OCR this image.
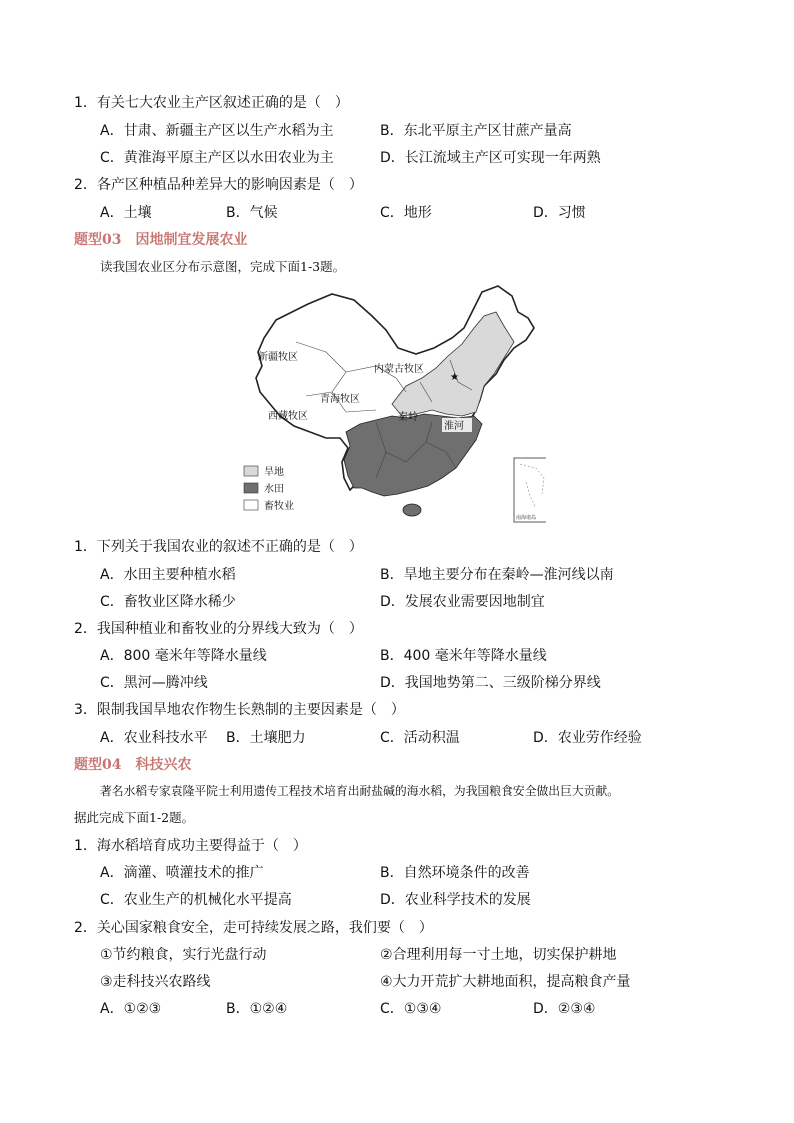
1．有关七大农业主产区叙述正确的是（　）
A．甘肃、新疆主产区以生产水稻为主	B．东北平原主产区甘蔗产量高
C．黄淮海平原主产区以水田农业为主	D．长江流域主产区可实现一年两熟
2．各产区种植品种差异大的影响因素是（　）
A．土壤	B．气候	C．地形	D．习惯
题型03　因地制宜发展农业
读我国农业区分布示意图，完成下面1-3题。
★
新疆牧区
内蒙古牧区
青海牧区
西藏牧区	秦岭
淮河
南海诸岛
旱地
水田
畜牧业
1．下列关于我国农业的叙述不正确的是（　）
A．水田主要种植水稻	B．旱地主要分布在秦岭—淮河线以南
C．畜牧业区降水稀少	D．发展农业需要因地制宜
2．我国种植业和畜牧业的分界线大致为（　）
A．800 毫米年等降水量线	B．400 毫米年等降水量线
C．黑河—腾冲线	D．我国地势第二、三级阶梯分界线
3．限制我国旱地农作物生长熟制的主要因素是（　）
A．农业科技水平 B．土壤肥力	C．活动积温	D．农业劳作经验
题型04　科技兴农
著名水稻专家袁隆平院士利用遗传工程技术培育出耐盐碱的海水稻，为我国粮食安全做出巨大贡献。
据此完成下面1-2题。
1．海水稻培育成功主要得益于（　）
A．滴灌、喷灌技术的推广	B．自然环境条件的改善
C．农业生产的机械化水平提高	D．农业科学技术的发展
2．关心国家粮食安全，走可持续发展之路，我们要（　）
①节约粮食，实行光盘行动	②合理利用每一寸土地，切实保护耕地
③走科技兴农路线	④大力开荒扩大耕地面积，提高粮食产量
A．①②③	B．①②④	C．①③④	D．②③④
